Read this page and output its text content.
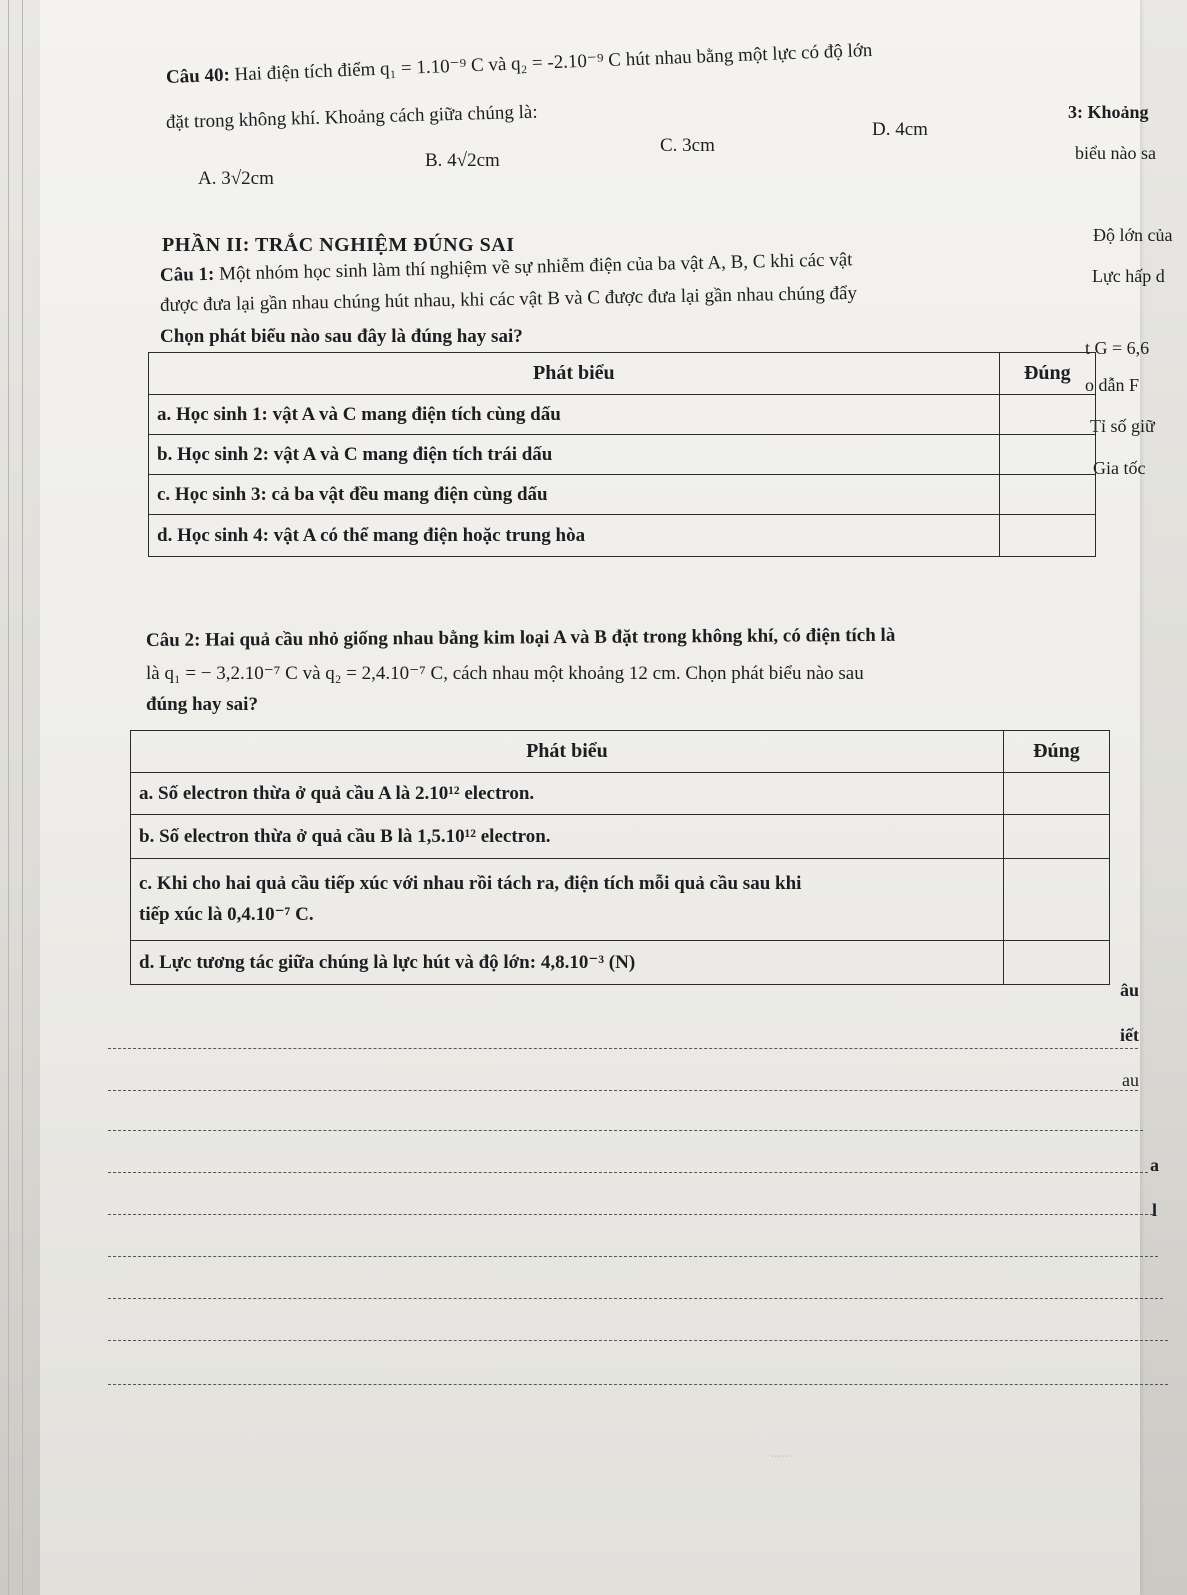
......
Câu 40: Hai điện tích điểm q₁ = 1.10⁻⁹ C và q₂ = -2.10⁻⁹ C hút nhau bằng một lực có độ lớn
đặt trong không khí. Khoảng cách giữa chúng là:
A. 3√2cm
B. 4√2cm
C. 3cm
D. 4cm
3: Khoảng
biểu nào sa
Độ lớn của
Lực hấp d
t G = 6,6
o dẫn F
Tỉ số giữ
Gia tốc
âu
iết
au
a
l
PHẦN II: TRẮC NGHIỆM ĐÚNG SAI
Câu 1: Một nhóm học sinh làm thí nghiệm về sự nhiễm điện của ba vật A, B, C khi các vật
được đưa lại gần nhau chúng hút nhau, khi các vật B và C được đưa lại gần nhau chúng đẩy
Chọn phát biểu nào sau đây là đúng hay sai?
Phát biểu	Đúng
a. Học sinh 1: vật A và C mang điện tích cùng dấu	
b. Học sinh 2: vật A và C mang điện tích trái dấu	
c. Học sinh 3: cả ba vật đều mang điện cùng dấu	
d. Học sinh 4: vật A có thể mang điện hoặc trung hòa	
Câu 2: Hai quả cầu nhỏ giống nhau bằng kim loại A và B đặt trong không khí, có điện tích là
là q₁ = − 3,2.10⁻⁷ C và q₂ = 2,4.10⁻⁷ C, cách nhau một khoảng 12 cm. Chọn phát biểu nào sau
đúng hay sai?
Phát biểu	Đúng
a. Số electron thừa ở quả cầu A là 2.10¹² electron.	
b. Số electron thừa ở quả cầu B là 1,5.10¹² electron.	

c. Khi cho hai quả cầu tiếp xúc với nhau rồi tách ra, điện tích mỗi quả cầu sau khi
tiếp xúc là 0,4.10⁻⁷ C.	

d. Lực tương tác giữa chúng là lực hút và độ lớn: 4,8.10⁻³ (N)	
